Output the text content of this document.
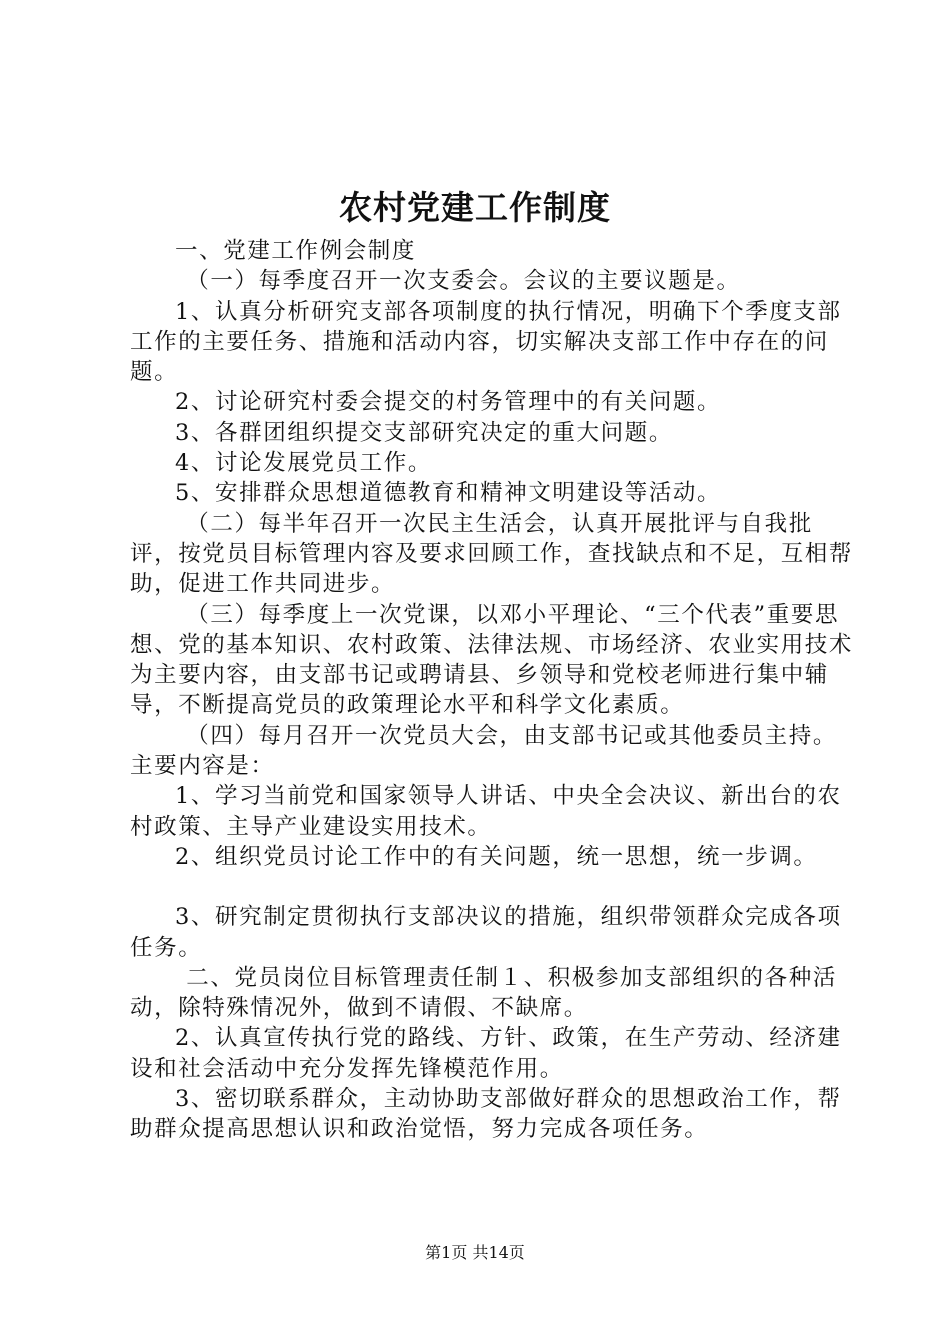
农村党建工作制度

一、党建工作例会制度

（一）每季度召开一次支委会。会议的主要议题是。

1、认真分析研究支部各项制度的执行情况，明确下个季度支部工作的主要任务、措施和活动内容，切实解决支部工作中存在的问题。

2、讨论研究村委会提交的村务管理中的有关问题。

3、各群团组织提交支部研究决定的重大问题。

4、讨论发展党员工作。

5、安排群众思想道德教育和精神文明建设等活动。

（二）每半年召开一次民主生活会，认真开展批评与自我批评，按党员目标管理内容及要求回顾工作，查找缺点和不足，互相帮助，促进工作共同进步。

（三）每季度上一次党课，以邓小平理论、“三个代表”重要思想、党的基本知识、农村政策、法律法规、市场经济、农业实用技术为主要内容，由支部书记或聘请县、乡领导和党校老师进行集中辅导，不断提高党员的政策理论水平和科学文化素质。

（四）每月召开一次党员大会，由支部书记或其他委员主持。主要内容是：

1、学习当前党和国家领导人讲话、中央全会决议、新出台的农村政策、主导产业建设实用技术。

2、组织党员讨论工作中的有关问题，统一思想，统一步调。

3、研究制定贯彻执行支部决议的措施，组织带领群众完成各项任务。

二、党员岗位目标管理责任制１、积极参加支部组织的各种活动，除特殊情况外，做到不请假、不缺席。

2、认真宣传执行党的路线、方针、政策，在生产劳动、经济建设和社会活动中充分发挥先锋模范作用。

3、密切联系群众，主动协助支部做好群众的思想政治工作，帮助群众提高思想认识和政治觉悟，努力完成各项任务。

第1页 共14页
